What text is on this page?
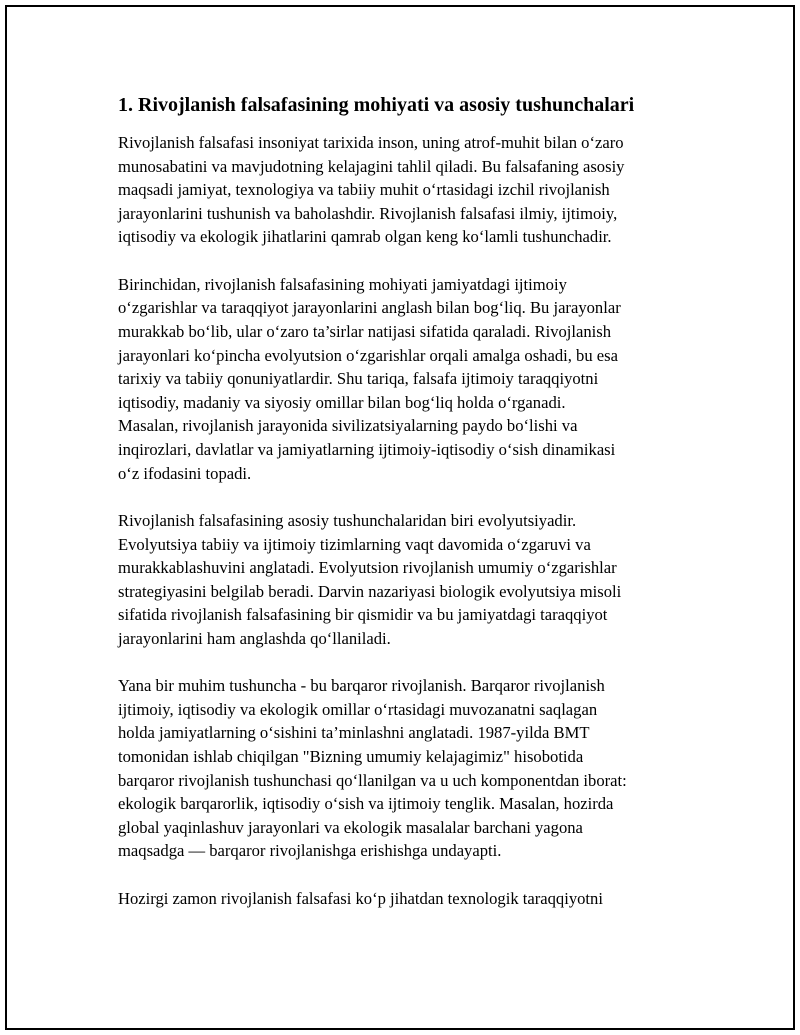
1. Rivojlanish falsafasining mohiyati va asosiy tushunchalari

Rivojlanish falsafasi insoniyat tarixida inson, uning atrof-muhit bilan o‘zaro
munosabatini va mavjudotning kelajagini tahlil qiladi. Bu falsafaning asosiy
maqsadi jamiyat, texnologiya va tabiiy muhit o‘rtasidagi izchil rivojlanish
jarayonlarini tushunish va baholashdir. Rivojlanish falsafasi ilmiy, ijtimoiy,
iqtisodiy va ekologik jihatlarini qamrab olgan keng ko‘lamli tushunchadir.

Birinchidan, rivojlanish falsafasining mohiyati jamiyatdagi ijtimoiy
o‘zgarishlar va taraqqiyot jarayonlarini anglash bilan bog‘liq. Bu jarayonlar
murakkab bo‘lib, ular o‘zaro ta’sirlar natijasi sifatida qaraladi. Rivojlanish
jarayonlari ko‘pincha evolyutsion o‘zgarishlar orqali amalga oshadi, bu esa
tarixiy va tabiiy qonuniyatlardir. Shu tariqa, falsafa ijtimoiy taraqqiyotni
iqtisodiy, madaniy va siyosiy omillar bilan bog‘liq holda o‘rganadi.
Masalan, rivojlanish jarayonida sivilizatsiyalarning paydo bo‘lishi va
inqirozlari, davlatlar va jamiyatlarning ijtimoiy-iqtisodiy o‘sish dinamikasi
o‘z ifodasini topadi.

Rivojlanish falsafasining asosiy tushunchalaridan biri evolyutsiyadir.
Evolyutsiya tabiiy va ijtimoiy tizimlarning vaqt davomida o‘zgaruvi va
murakkablashuvini anglatadi. Evolyutsion rivojlanish umumiy o‘zgarishlar
strategiyasini belgilab beradi. Darvin nazariyasi biologik evolyutsiya misoli
sifatida rivojlanish falsafasining bir qismidir va bu jamiyatdagi taraqqiyot
jarayonlarini ham anglashda qo‘llaniladi.

Yana bir muhim tushuncha - bu barqaror rivojlanish. Barqaror rivojlanish
ijtimoiy, iqtisodiy va ekologik omillar o‘rtasidagi muvozanatni saqlagan
holda jamiyatlarning o‘sishini ta’minlashni anglatadi. 1987-yilda BMT
tomonidan ishlab chiqilgan "Bizning umumiy kelajagimiz" hisobotida
barqaror rivojlanish tushunchasi qo‘llanilgan va u uch komponentdan iborat:
ekologik barqarorlik, iqtisodiy o‘sish va ijtimoiy tenglik. Masalan, hozirda
global yaqinlashuv jarayonlari va ekologik masalalar barchani yagona
maqsadga — barqaror rivojlanishga erishishga undayapti.

Hozirgi zamon rivojlanish falsafasi ko‘p jihatdan texnologik taraqqiyotni
